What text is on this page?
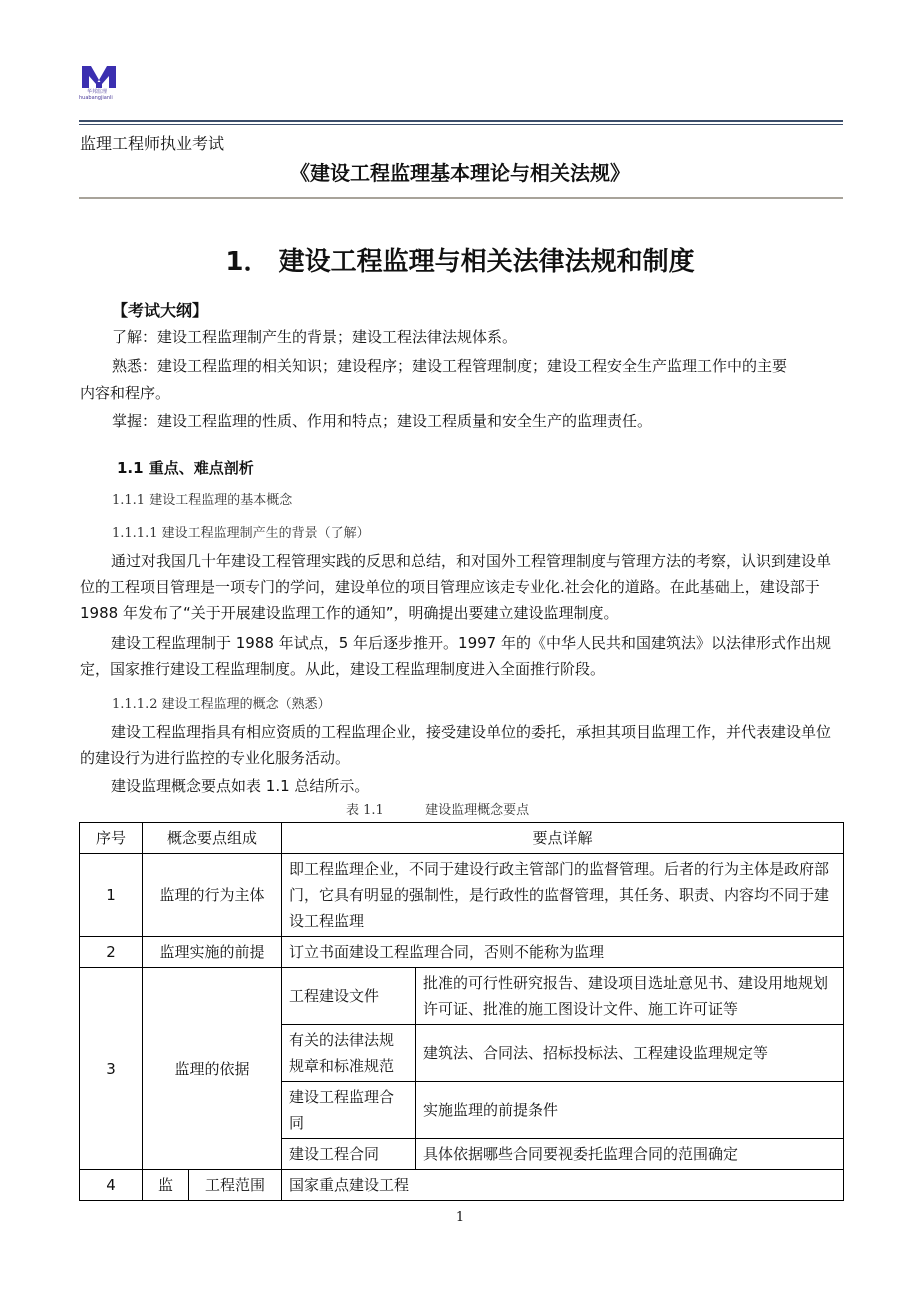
华邦监理
huabangjianli
监理工程师执业考试
《建设工程监理基本理论与相关法规》
1． 建设工程监理与相关法律法规和制度
【考试大纲】
了解：建设工程监理制产生的背景；建设工程法律法规体系。
熟悉：建设工程监理的相关知识；建设程序；建设工程管理制度；建设工程安全生产监理工作中的主要
内容和程序。
掌握：建设工程监理的性质、作用和特点；建设工程质量和安全生产的监理责任。
1.1 重点、难点剖析
1.1.1 建设工程监理的基本概念
1.1.1.1 建设工程监理制产生的背景（了解）
通过对我国几十年建设工程管理实践的反思和总结，和对国外工程管理制度与管理方法的考察，认识到建设单位的工程项目管理是一项专门的学问，建设单位的项目管理应该走专业化.社会化的道路。在此基础上，建设部于 1988 年发布了“关于开展建设监理工作的通知”，明确提出要建立建设监理制度。
建设工程监理制于 1988 年试点，5 年后逐步推开。1997 年的《中华人民共和国建筑法》以法律形式作出规定，国家推行建设工程监理制度。从此，建设工程监理制度进入全面推行阶段。
1.1.1.2 建设工程监理的概念（熟悉）
建设工程监理指具有相应资质的工程监理企业，接受建设单位的委托，承担其项目监理工作，并代表建设单位的建设行为进行监控的专业化服务活动。
建设监理概念要点如表 1.1 总结所示。
表 1.1          建设监理概念要点
序号	概念要点组成		要点详解	
1	监理的行为主体		即工程监理企业，不同于建设行政主管部门的监督管理。后者的行为主体是政府部门，它具有明显的强制性，是行政性的监督管理，其任务、职责、内容均不同于建设工程监理	
2	监理实施的前提		订立书面建设工程监理合同，否则不能称为监理	
3	监理的依据		工程建设文件	批准的可行性研究报告、建设项目选址意见书、建设用地规划许可证、批准的施工图设计文件、施工许可证等
			有关的法律法规规章和标准规范	建筑法、合同法、招标投标法、工程建设监理规定等
			建设工程监理合同	实施监理的前提条件
			建设工程合同	具体依据哪些合同要视委托监理合同的范围确定
4	监	工程范围	国家重点建设工程	
1
